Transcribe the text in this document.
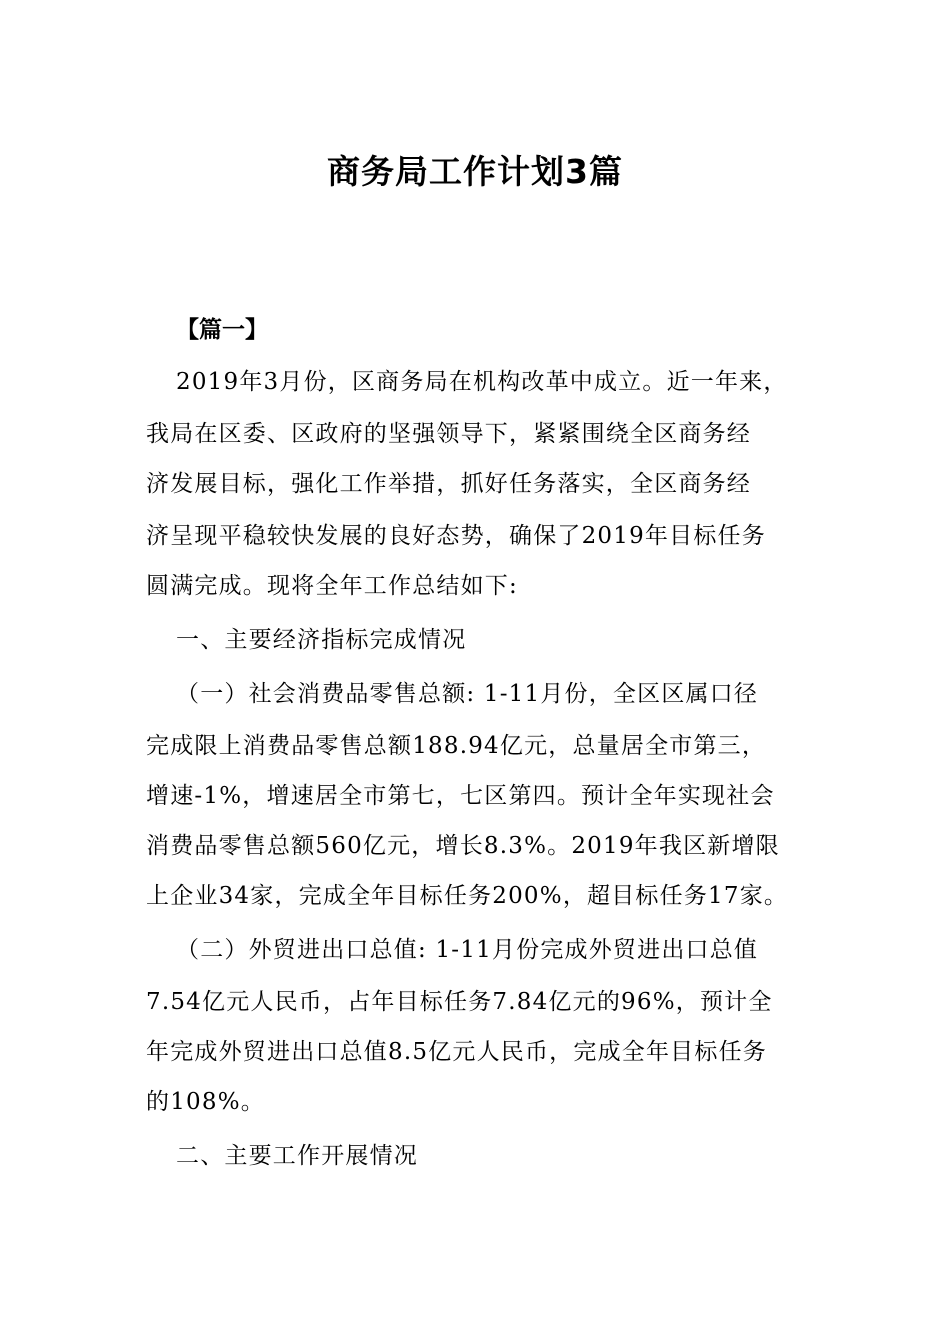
商务局工作计划3篇
【篇一】
2019年3月份，区商务局在机构改革中成立。近一年来，
我局在区委、区政府的坚强领导下，紧紧围绕全区商务经
济发展目标，强化工作举措，抓好任务落实，全区商务经
济呈现平稳较快发展的良好态势，确保了2019年目标任务
圆满完成。现将全年工作总结如下:
一、主要经济指标完成情况
（一）社会消费品零售总额: 1-11月份，全区区属口径
完成限上消费品零售总额188.94亿元，总量居全市第三，
增速-1%，增速居全市第七，七区第四。预计全年实现社会
消费品零售总额560亿元，增长8.3%。2019年我区新增限
上企业34家，完成全年目标任务200%，超目标任务17家。
（二）外贸进出口总值: 1-11月份完成外贸进出口总值
7.54亿元人民币，占年目标任务7.84亿元的96%，预计全
年完成外贸进出口总值8.5亿元人民币，完成全年目标任务
的108%。
二、主要工作开展情况
